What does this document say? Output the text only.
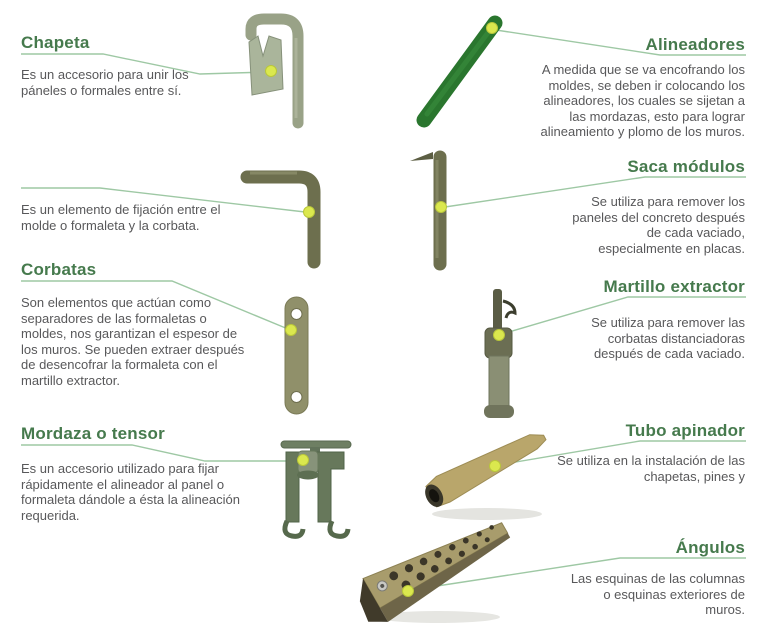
Chapeta

Es un accesorio para unir los páneles o formales entre sí.

Es un elemento de fijación entre el molde o formaleta y la corbata.

Corbatas

Son elementos que actúan como separadores de las formaletas o moldes, nos garantizan el espesor de los muros. Se pueden extraer después de desencofrar la formaleta con el martillo extractor.

Mordaza o tensor

Es un accesorio utilizado para fijar rápidamente el alineador al panel o formaleta dándole a ésta la alineación requerida.

Alineadores

A medida que se va encofrando los moldes, se deben ir colocando los alineadores, los cuales se sijetan a las mordazas, esto para lograr alineamiento y plomo de los muros.

Saca módulos

Se utiliza para remover los paneles del concreto después de cada vaciado, especialmente en placas.

Martillo extractor

Se utiliza para remover las corbatas distanciadoras después de cada vaciado.

Tubo apinador

Se utiliza en la instalación de las chapetas, pines y

Ángulos

Las esquinas de las columnas o esquinas exteriores de muros.
